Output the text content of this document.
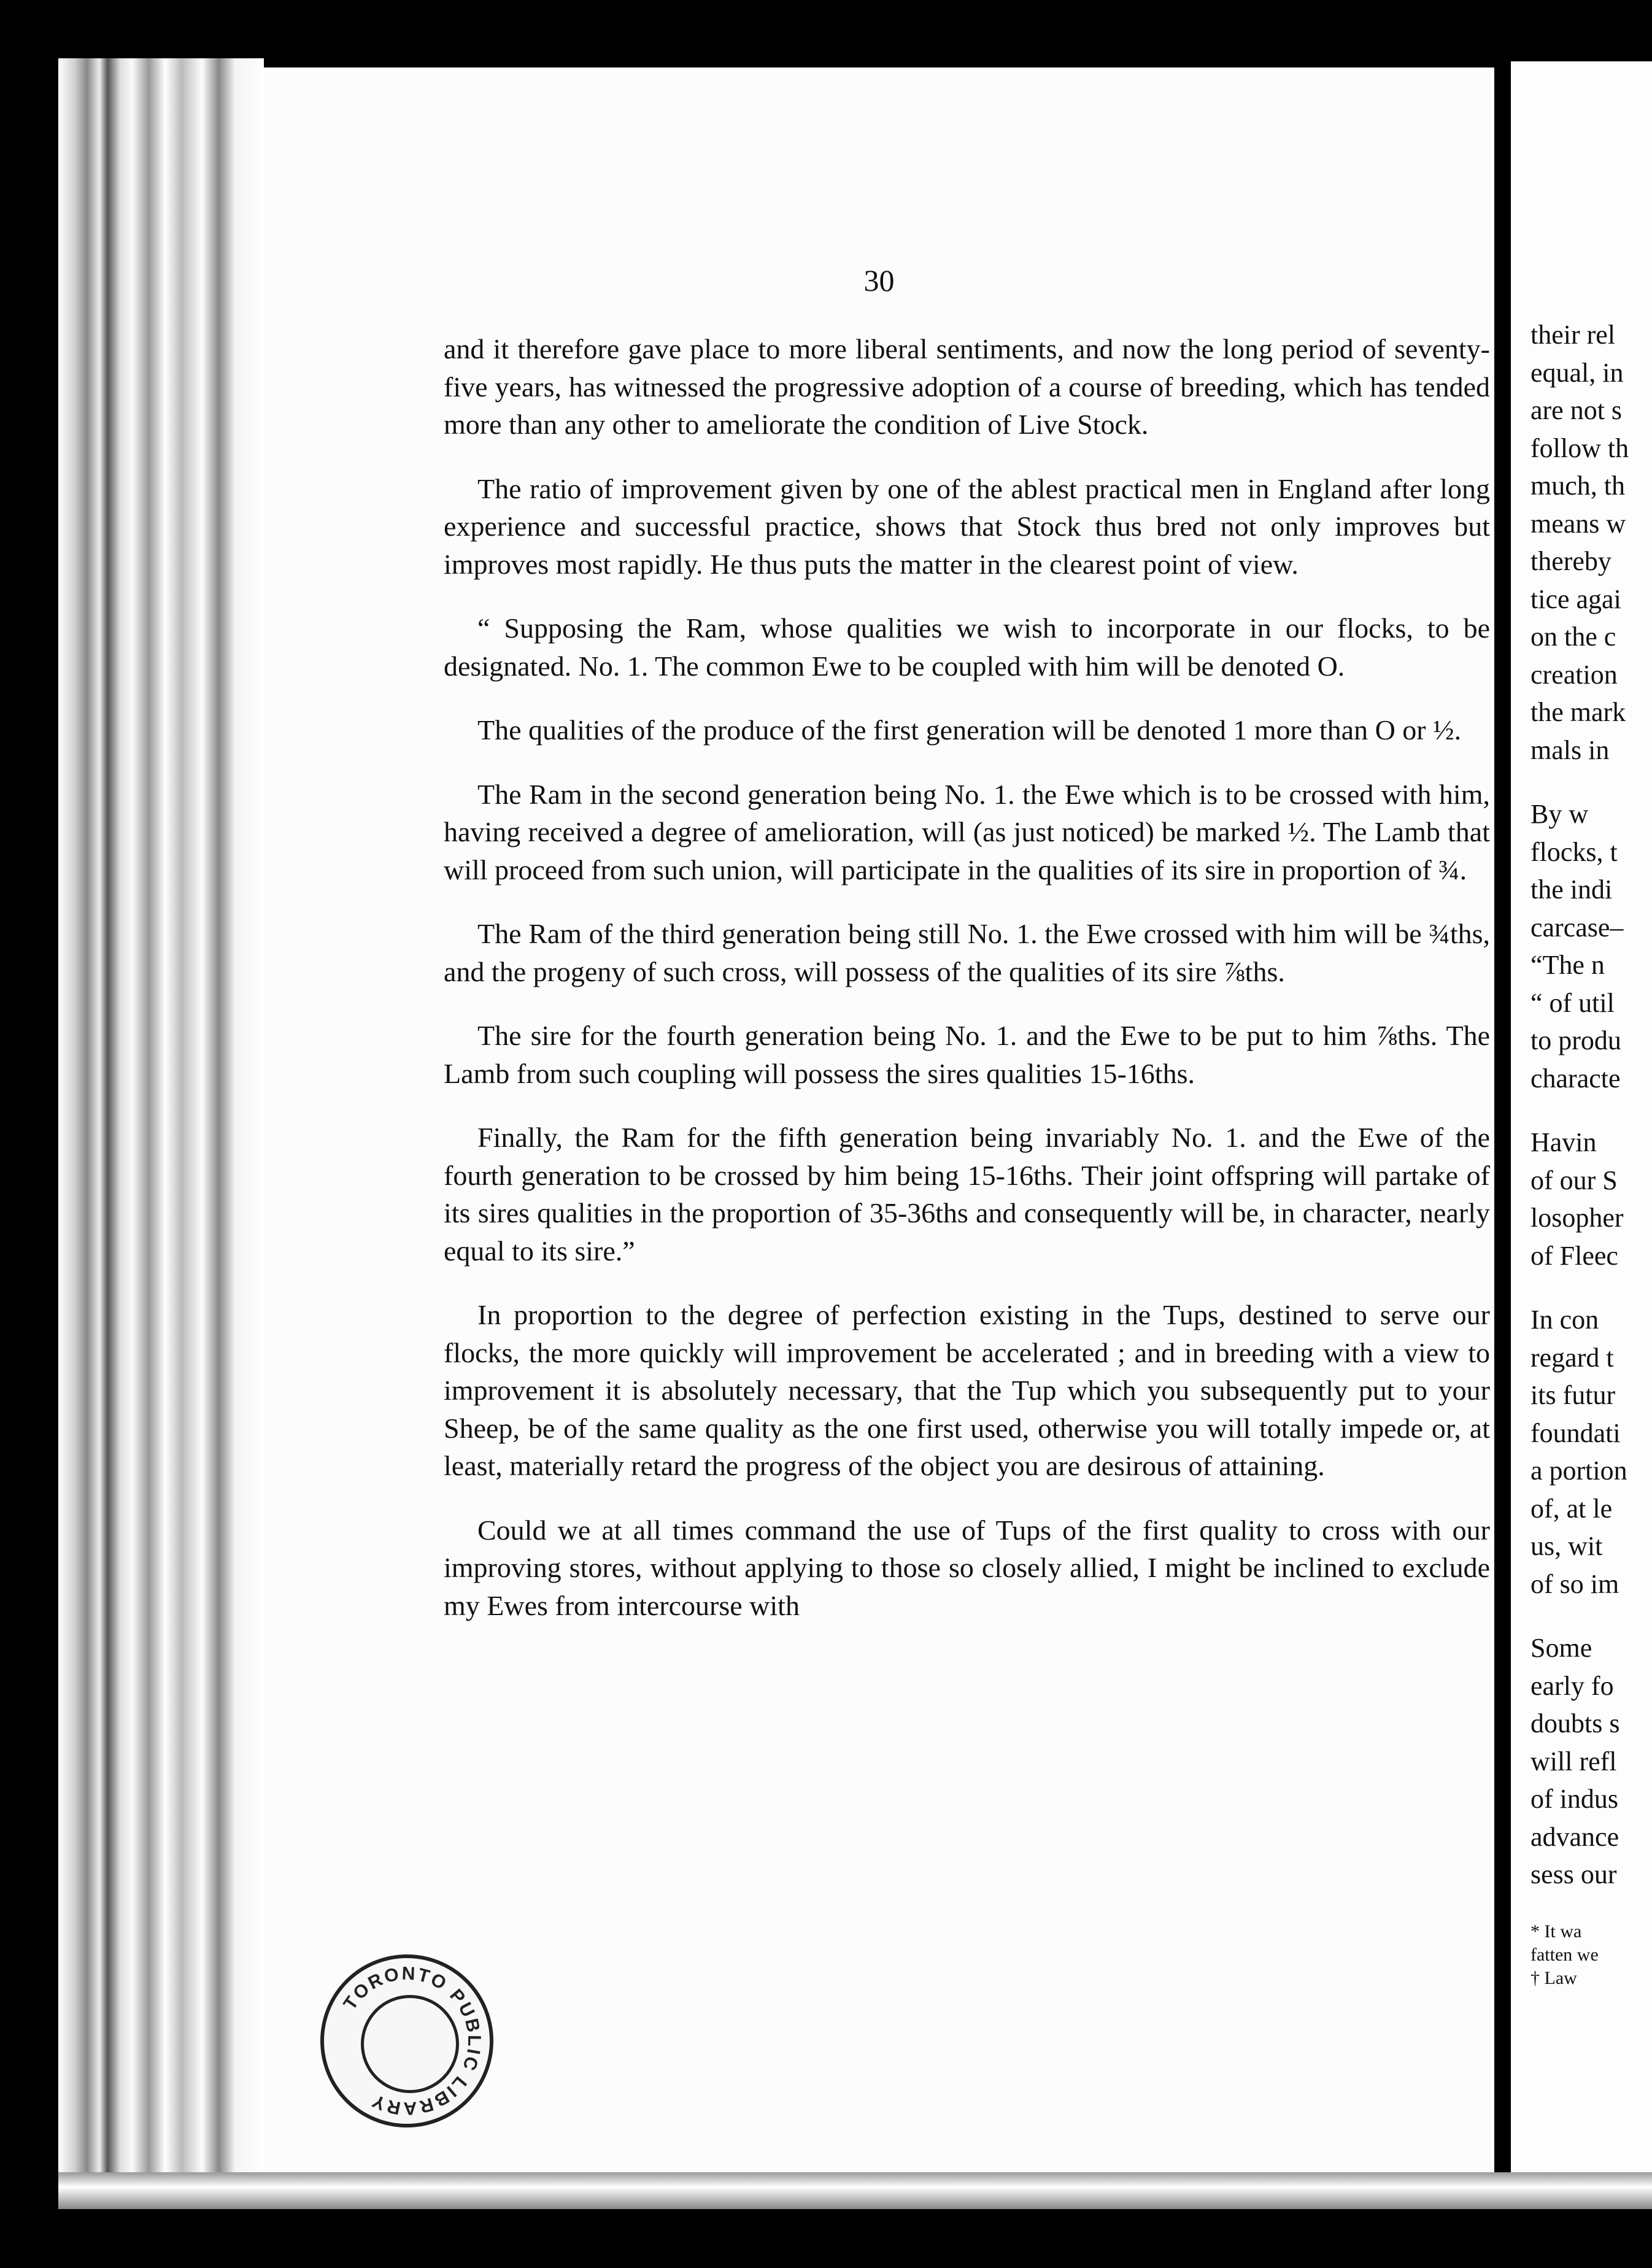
their rel
equal, in
are not s
follow th
much, th
means w
thereby
tice agai
on the c
creation
the mark
mals in
By w
flocks, t
the indi
carcase–
“The n
“ of util
to produ
characte
Havin
of our S
losopher
of Fleec
In con
regard t
its futur
foundati
a portion
of, at le
us, wit
of so im
Some
early fo
doubts s
will refl
of indus
advance
sess our
* It wa
fatten we
† Law
30

and it therefore gave place to more liberal sentiments, and now the long period of seventy-five years, has witnessed the progressive adoption of a course of breeding, which has tended more than any other to ameliorate the condition of Live Stock.

The ratio of improvement given by one of the ablest practical men in England after long experience and successful practice, shows that Stock thus bred not only improves but improves most rapidly. He thus puts the matter in the clearest point of view.

“ Supposing the Ram, whose qualities we wish to incorporate in our flocks, to be designated. No. 1. The common Ewe to be coupled with him will be denoted O.

The qualities of the produce of the first generation will be denoted 1 more than O or ½.

The Ram in the second generation being No. 1. the Ewe which is to be crossed with him, having received a degree of amelioration, will (as just noticed) be marked ½. The Lamb that will proceed from such union, will participate in the qualities of its sire in proportion of ¾.

The Ram of the third generation being still No. 1. the Ewe crossed with him will be ¾ths, and the progeny of such cross, will possess of the qualities of its sire ⅞ths.

The sire for the fourth generation being No. 1. and the Ewe to be put to him ⅞ths. The Lamb from such coupling will possess the sires qualities 15-16ths.

Finally, the Ram for the fifth generation being invariably No. 1. and the Ewe of the fourth generation to be crossed by him being 15-16ths. Their joint offspring will partake of its sires qualities in the proportion of 35-36ths and consequently will be, in character, nearly equal to its sire.”

In proportion to the degree of perfection existing in the Tups, destined to serve our flocks, the more quickly will improvement be accelerated ; and in breeding with a view to improvement it is absolutely necessary, that the Tup which you subsequently put to your Sheep, be of the same quality as the one first used, otherwise you will totally impede or, at least, materially retard the progress of the object you are desirous of attaining.

Could we at all times command the use of Tups of the first quality to cross with our improving stores, without applying to those so closely allied, I might be inclined to exclude my Ewes from intercourse with

TORONTO PUBLIC LIBRARY
